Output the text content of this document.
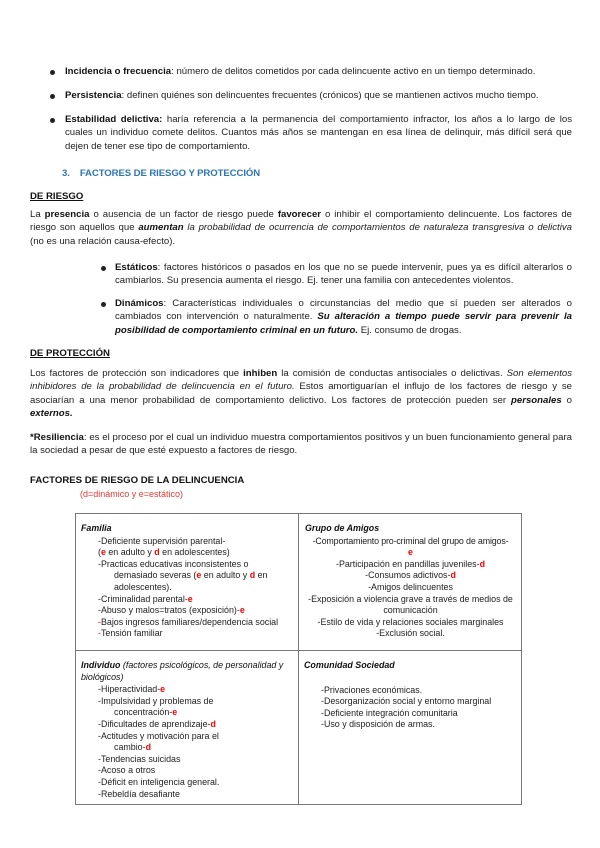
Incidencia o frecuencia: número de delitos cometidos por cada delincuente activo en un tiempo determinado.

Persistencia: definen quiénes son delincuentes frecuentes (crónicos) que se mantienen activos mucho tiempo.

Estabilidad delictiva: haría referencia a la permanencia del comportamiento infractor, los años a lo largo de los cuales un individuo comete delitos. Cuantos más años se mantengan en esa línea de delinquir, más difícil será que dejen de tener ese tipo de comportamiento.

3. FACTORES DE RIESGO Y PROTECCIÓN
DE RIESGO

La presencia o ausencia de un factor de riesgo puede favorecer o inhibir el comportamiento delincuente. Los factores de riesgo son aquellos que aumentan la probabilidad de ocurrencia de comportamientos de naturaleza transgresiva o delictiva (no es una relación causa-efecto).

Estáticos: factores históricos o pasados en los que no se puede intervenir, pues ya es difícil alterarlos o cambiarlos. Su presencia aumenta el riesgo. Ej. tener una familia con antecedentes violentos.

Dinámicos: Características individuales o circunstancias del medio que sí pueden ser alterados o cambiados con intervención o naturalmente. Su alteración a tiempo puede servir para prevenir la posibilidad de comportamiento criminal en un futuro. Ej. consumo de drogas.

DE PROTECCIÓN

Los factores de protección son indicadores que inhiben la comisión de conductas antisociales o delictivas. Son elementos inhibidores de la probabilidad de delincuencia en el futuro. Estos amortiguarían el influjo de los factores de riesgo y se asociarían a una menor probabilidad de comportamiento delictivo. Los factores de protección pueden ser personales o externos.

*Resiliencia: es el proceso por el cual un individuo muestra comportamientos positivos y un buen funcionamiento general para la sociedad a pesar de que esté expuesto a factores de riesgo.

FACTORES DE RIESGO DE LA DELINCUENCIA
(d=dinámico y e=estático)
Familia
-Deficiente supervisión parental-
(e en adulto y d en adolescentes)
-Practicas educativas inconsistentes o
demasiado severas (e en adulto y d en
adolescentes).
-Criminalidad parental-e
-Abuso y malos=tratos (exposición)-e
-Bajos ingresos familiares/dependencia social
-Tensión familiar

Grupo de Amigos
-Comportamiento pro-criminal del grupo de amigos-
e
-Participación en pandillas juveniles-d
-Consumos adictivos-d
-Amigos delincuentes
-Exposición a violencia grave a través de medios de comunicación
-Estilo de vida y relaciones sociales marginales
-Exclusión social.

Individuo (factores psicológicos, de personalidad y biológicos)
-Hiperactividad-e
-Impulsividad y problemas de
concentración-e
-Dificultades de aprendizaje-d
-Actitudes y motivación para el
cambio-d
-Tendencias suicidas
-Acoso a otros
-Déficit en inteligencia general.
-Rebeldía desafiante

Comunidad Sociedad
-Privaciones económicas.
-Desorganización social y entorno marginal
-Deficiente integración comunitaria
-Uso y disposición de armas.
